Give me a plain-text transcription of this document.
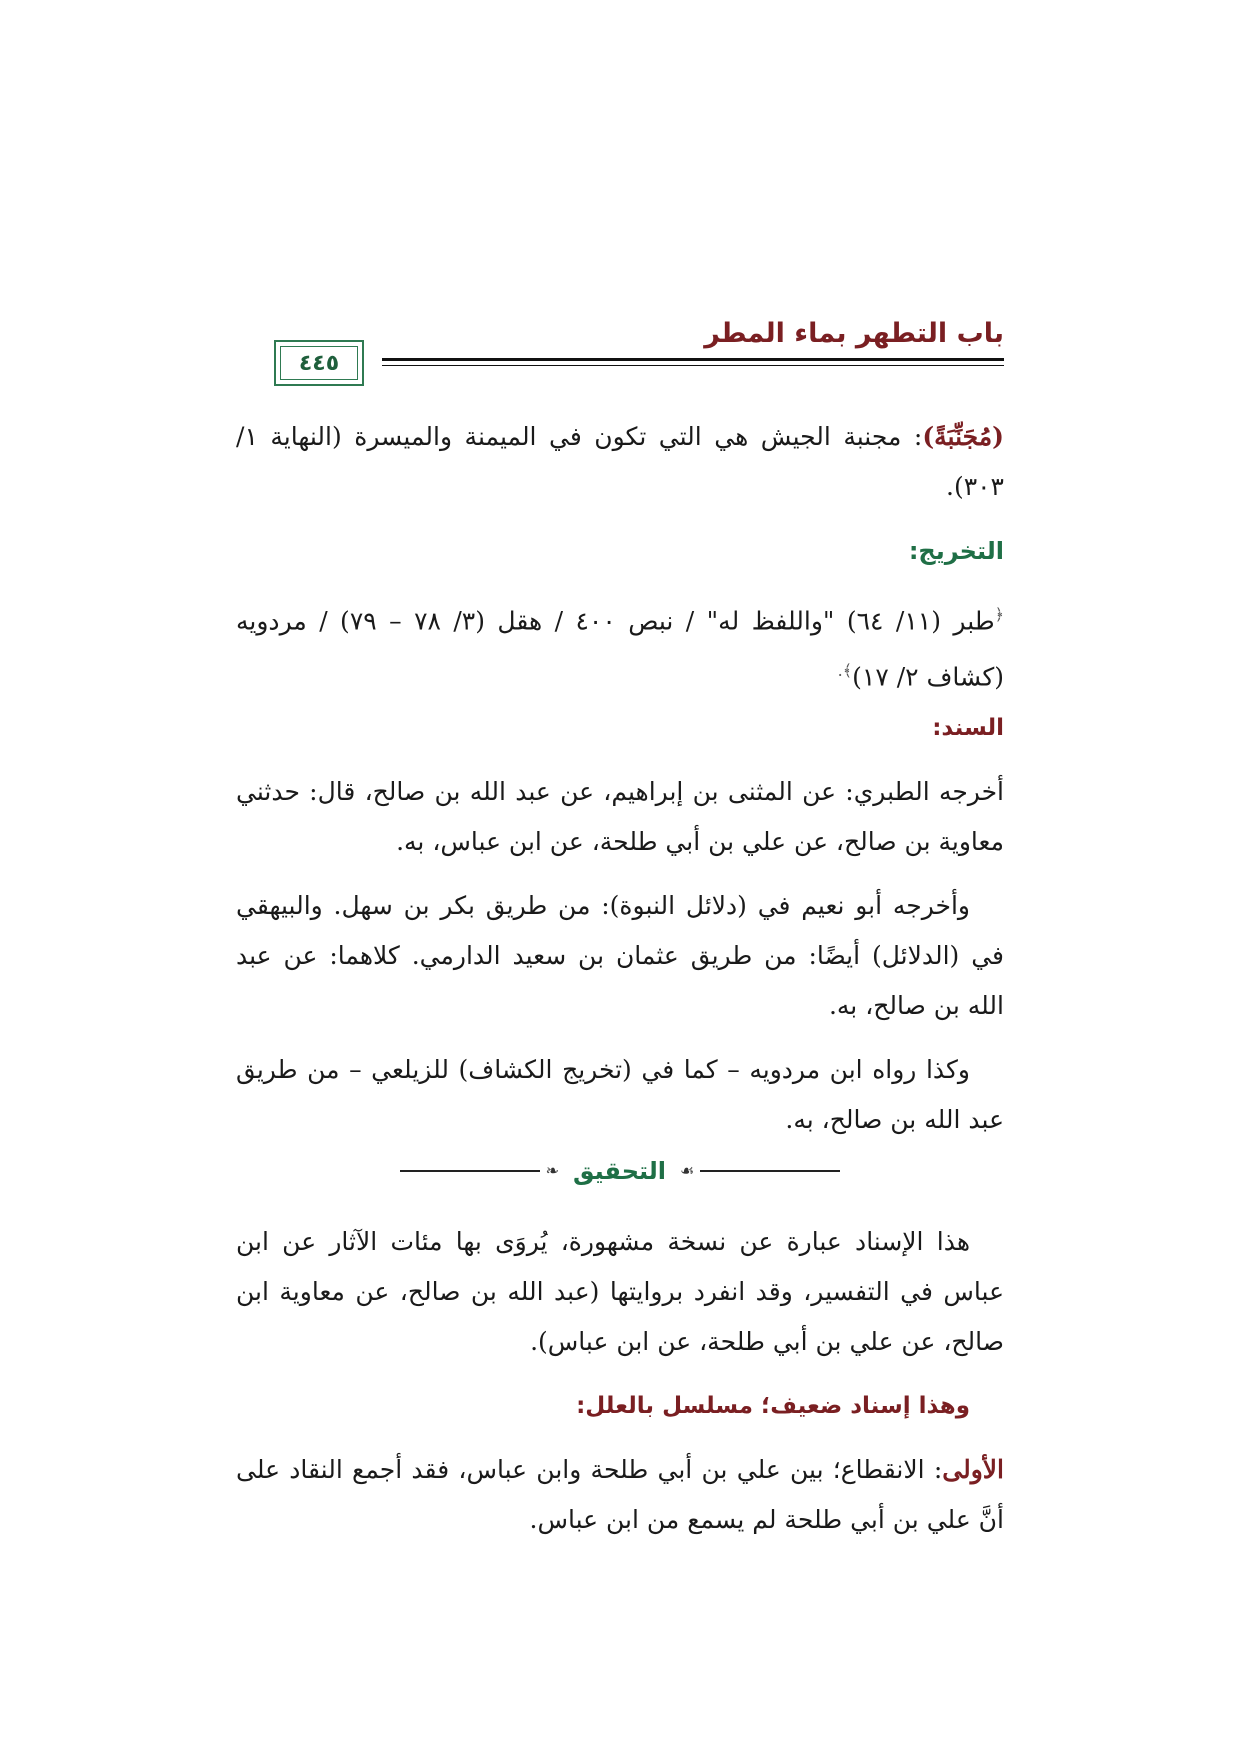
باب التطهر بماء المطر
٤٤٥

(مُجَنِّبَةً): مجنبة الجيش هي التي تكون في الميمنة والميسرة (النهاية ١/ ٣٠٣).

التخريج:

﴿طبر (١١/ ٦٤) "واللفظ له" / نبص ٤٠٠ / هقل (٣/ ٧٨ – ٧٩) / مردويه (كشاف ٢/ ١٧)﴾.

السند:

أخرجه الطبري: عن المثنى بن إبراهيم، عن عبد الله بن صالح، قال: حدثني معاوية بن صالح، عن علي بن أبي طلحة، عن ابن عباس، به.

وأخرجه أبو نعيم في (دلائل النبوة): من طريق بكر بن سهل. والبيهقي في (الدلائل) أيضًا: من طريق عثمان بن سعيد الدارمي. كلاهما: عن عبد الله بن صالح، به.

وكذا رواه ابن مردويه – كما في (تخريج الكشاف) للزيلعي – من طريق عبد الله بن صالح، به.

❧ التحقيق ☙

هذا الإسناد عبارة عن نسخة مشهورة، يُروَى بها مئات الآثار عن ابن عباس في التفسير، وقد انفرد بروايتها (عبد الله بن صالح، عن معاوية ابن صالح، عن علي بن أبي طلحة، عن ابن عباس).

وهذا إسناد ضعيف؛ مسلسل بالعلل:

الأولى: الانقطاع؛ بين علي بن أبي طلحة وابن عباس، فقد أجمع النقاد على أنَّ علي بن أبي طلحة لم يسمع من ابن عباس.
